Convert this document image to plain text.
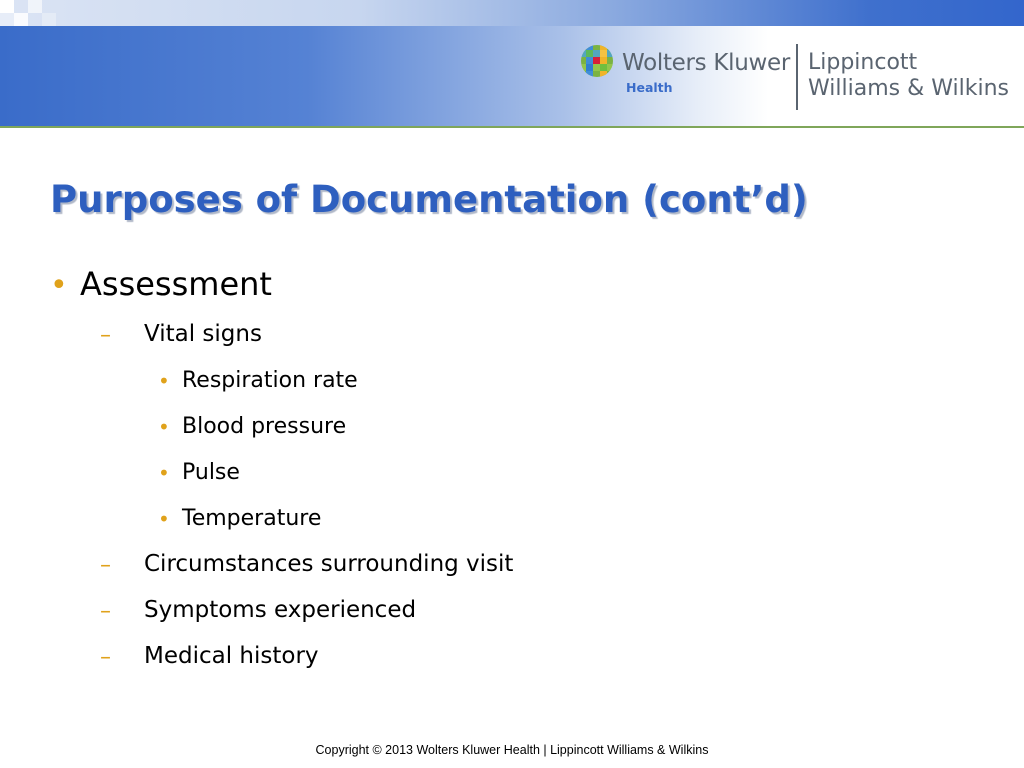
Wolters Kluwer
Health
Lippincott
Williams & Wilkins
Purposes of Documentation (cont’d)
• Assessment
– Vital signs
• Respiration rate
• Blood pressure
• Pulse
• Temperature
– Circumstances surrounding visit
– Symptoms experienced
– Medical history
Copyright © 2013 Wolters Kluwer Health | Lippincott Williams & Wilkins
